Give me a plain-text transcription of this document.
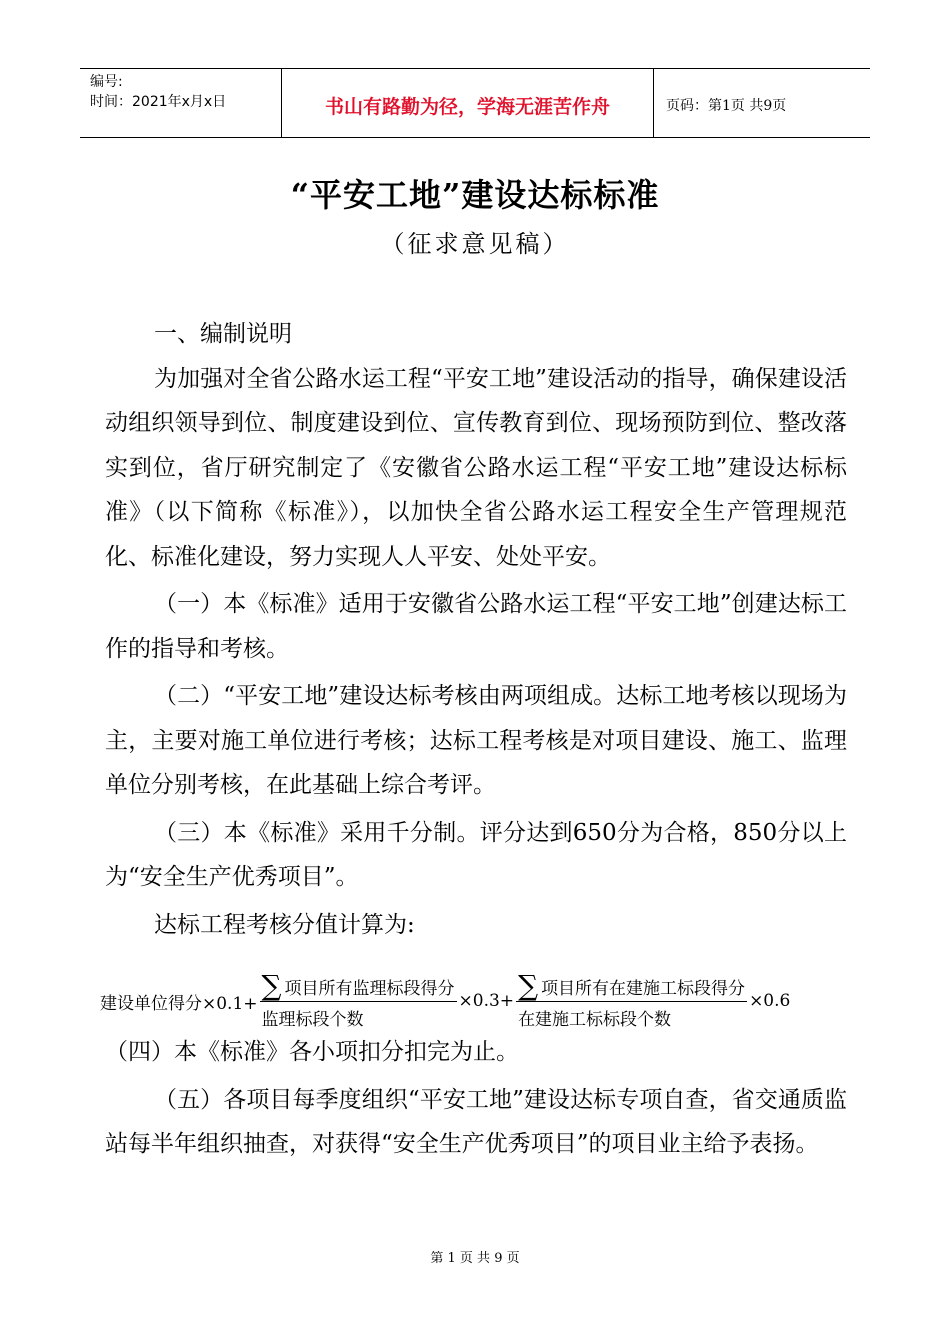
编号:
时间：2021年x月x日	书山有路勤为径，学海无涯苦作舟	页码：第1页 共9页
“平安工地”建设达标标准
（征求意见稿）

一、编制说明

为加强对全省公路水运工程“平安工地”建设活动的指导，确保建设活动组织领导到位、制度建设到位、宣传教育到位、现场预防到位、整改落实到位，省厅研究制定了《安徽省公路水运工程“平安工地”建设达标标准》（以下简称《标准》），以加快全省公路水运工程安全生产管理规范化、标准化建设，努力实现人人平安、处处平安。

（一）本《标准》适用于安徽省公路水运工程“平安工地”创建达标工作的指导和考核。

（二）“平安工地”建设达标考核由两项组成。达标工地考核以现场为主，主要对施工单位进行考核；达标工程考核是对项目建设、施工、监理单位分别考核，在此基础上综合考评。

（三）本《标准》采用千分制。评分达到650分为合格，850分以上为“安全生产优秀项目”。

达标工程考核分值计算为:

建设单位得分$\times 0.1+ \frac{\text{∑ 项目所有监理标段得分}}{\text{监理标段个数}} \times 0.3+ \frac{\text{∑ 项目所有在建施工标段得分}}{\text{在建施工标标段个数}} \times 0.6$

（四）本《标准》各小项扣分扣完为止。

（五）各项目每季度组织“平安工地”建设达标专项自查，省交通质监站每半年组织抽查，对获得“安全生产优秀项目”的项目业主给予表扬。

第 1 页 共 9 页
